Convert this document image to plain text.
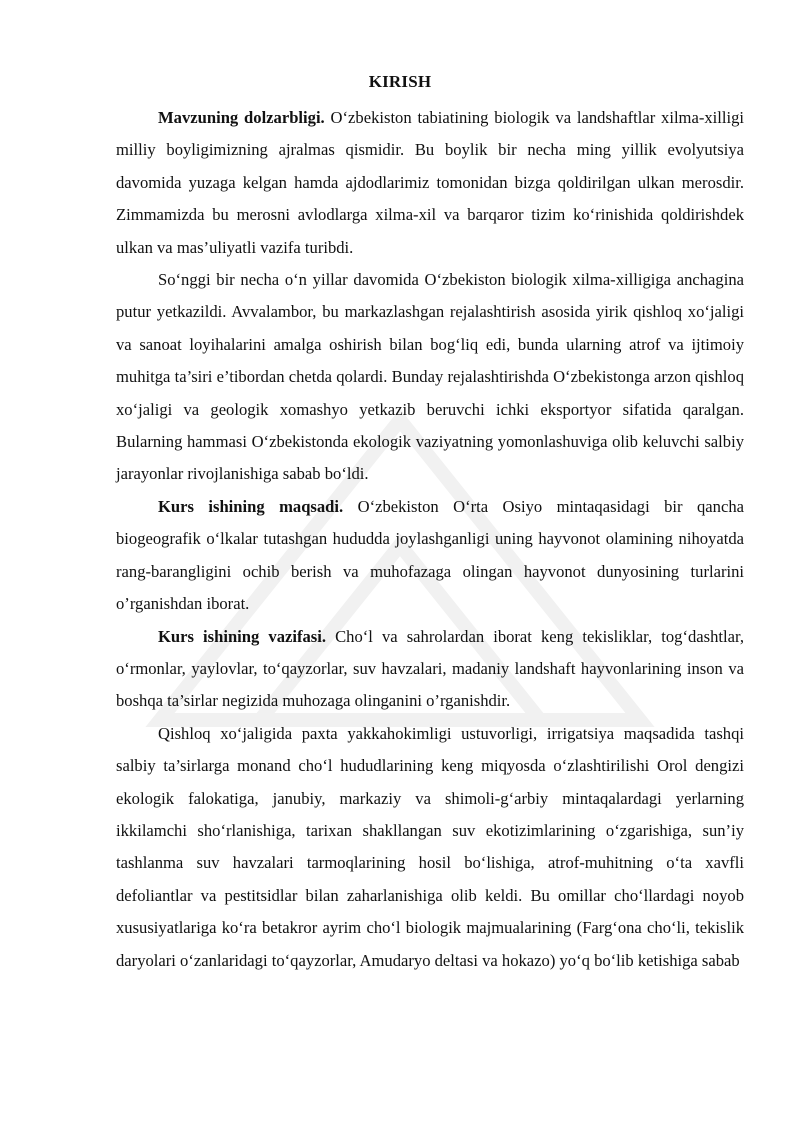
KIRISH

Mavzuning dolzarbligi. O‘zbekiston tabiatining biologik va landshaftlar xilma-xilligi milliy boyligimizning ajralmas qismidir. Bu boylik bir necha ming yillik evolyutsiya davomida yuzaga kelgan hamda ajdodlarimiz tomonidan bizga qoldirilgan ulkan merosdir. Zimmamizda bu merosni avlodlarga xilma-xil va barqaror tizim ko‘rinishida qoldirishdek ulkan va mas’uliyatli vazifa turibdi.

So‘nggi bir necha o‘n yillar davomida O‘zbekiston biologik xilma-xilligiga anchagina putur yetkazildi. Avvalambor, bu markazlashgan rejalashtirish asosida yirik qishloq xo‘jaligi va sanoat loyihalarini amalga oshirish bilan bog‘liq edi, bunda ularning atrof va ijtimoiy muhitga ta’siri e’tibordan chetda qolardi. Bunday rejalashtirishda O‘zbekistonga arzon qishloq xo‘jaligi va geologik xomashyo yetkazib beruvchi ichki eksportyor sifatida qaralgan. Bularning hammasi O‘zbekistonda ekologik vaziyatning yomonlashuviga olib keluvchi salbiy jarayonlar rivojlanishiga sabab bo‘ldi.

Kurs ishining maqsadi. O‘zbekiston O‘rta Osiyo mintaqasidagi bir qancha biogeografik o‘lkalar tutashgan hududda joylashganligi uning hayvonot olamining nihoyatda rang-barangligini ochib berish va muhofazaga olingan hayvonot dunyosining turlarini o’rganishdan iborat.

Kurs ishining vazifasi. Cho‘l va sahrolardan iborat keng tekisliklar, tog‘dashtlar, o‘rmonlar, yaylovlar, to‘qayzorlar, suv havzalari, madaniy landshaft hayvonlarining inson va boshqa ta’sirlar negizida muhozaga olinganini o’rganishdir.

Qishloq xo‘jaligida paxta yakkahokimligi ustuvorligi, irrigatsiya maqsadida tashqi salbiy ta’sirlarga monand cho‘l hududlarining keng miqyosda o‘zlashtirilishi Orol dengizi ekologik falokatiga, janubiy, markaziy va shimoli-g‘arbiy mintaqalardagi yerlarning ikkilamchi sho‘rlanishiga, tarixan shakllangan suv ekotizimlarining o‘zgarishiga, sun’iy tashlanma suv havzalari tarmoqlarining hosil bo‘lishiga, atrof-muhitning o‘ta xavfli defoliantlar va pestitsidlar bilan zaharlanishiga olib keldi. Bu omillar cho‘llardagi noyob xususiyatlariga ko‘ra betakror ayrim cho‘l biologik majmualarining (Farg‘ona cho‘li, tekislik daryolari o‘zanlaridagi to‘qayzorlar, Amudaryo deltasi va hokazo) yo‘q bo‘lib ketishiga sabab
